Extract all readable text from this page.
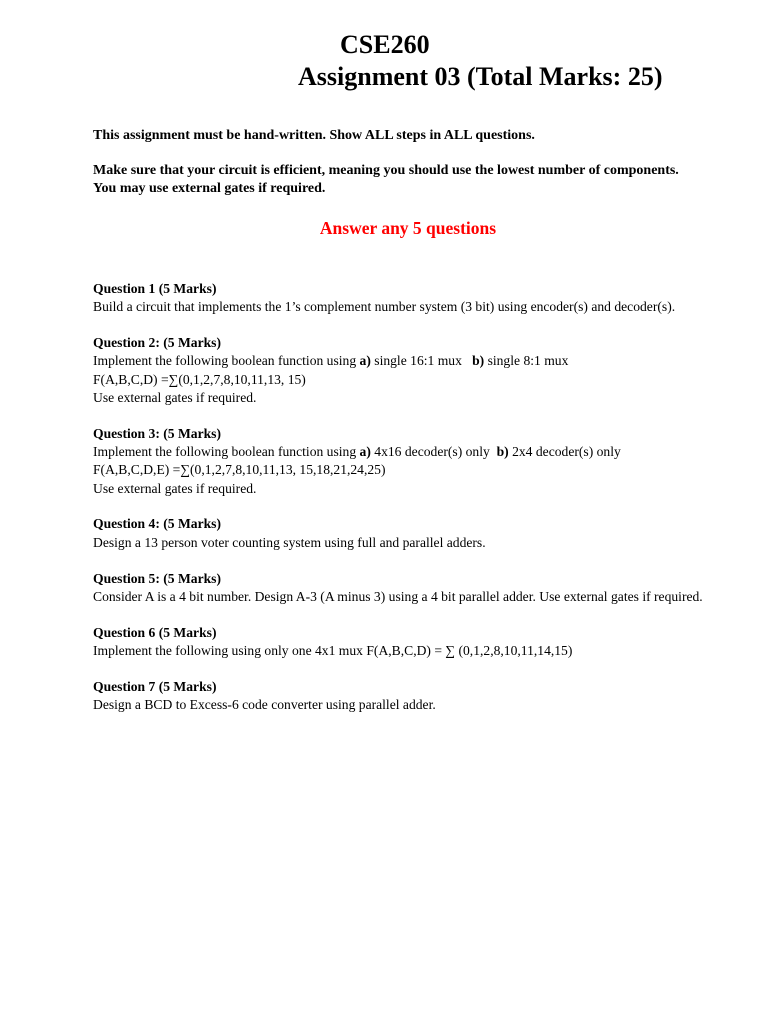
CSE260
Assignment 03 (Total Marks: 25)
This assignment must be hand-written. Show ALL steps in ALL questions.
Make sure that your circuit is efficient, meaning you should use the lowest number of components.
You may use external gates if required.
Answer any 5 questions
Question 1 (5 Marks)
Build a circuit that implements the 1’s complement number system (3 bit) using encoder(s) and decoder(s).
Question 2: (5 Marks)
Implement the following boolean function using a) single 16:1 mux   b) single 8:1 mux
F(A,B,C,D) =∑(0,1,2,7,8,10,11,13, 15)
Use external gates if required.
Question 3: (5 Marks)
Implement the following boolean function using a) 4x16 decoder(s) only  b) 2x4 decoder(s) only
F(A,B,C,D,E) =∑(0,1,2,7,8,10,11,13, 15,18,21,24,25)
Use external gates if required.
Question 4: (5 Marks)
Design a 13 person voter counting system using full and parallel adders.
Question 5: (5 Marks)
Consider A is a 4 bit number. Design A-3 (A minus 3) using a 4 bit parallel adder. Use external gates if required.
Question 6 (5 Marks)
Implement the following using only one 4x1 mux F(A,B,C,D) = ∑ (0,1,2,8,10,11,14,15)
Question 7 (5 Marks)
Design a BCD to Excess-6 code converter using parallel adder.
